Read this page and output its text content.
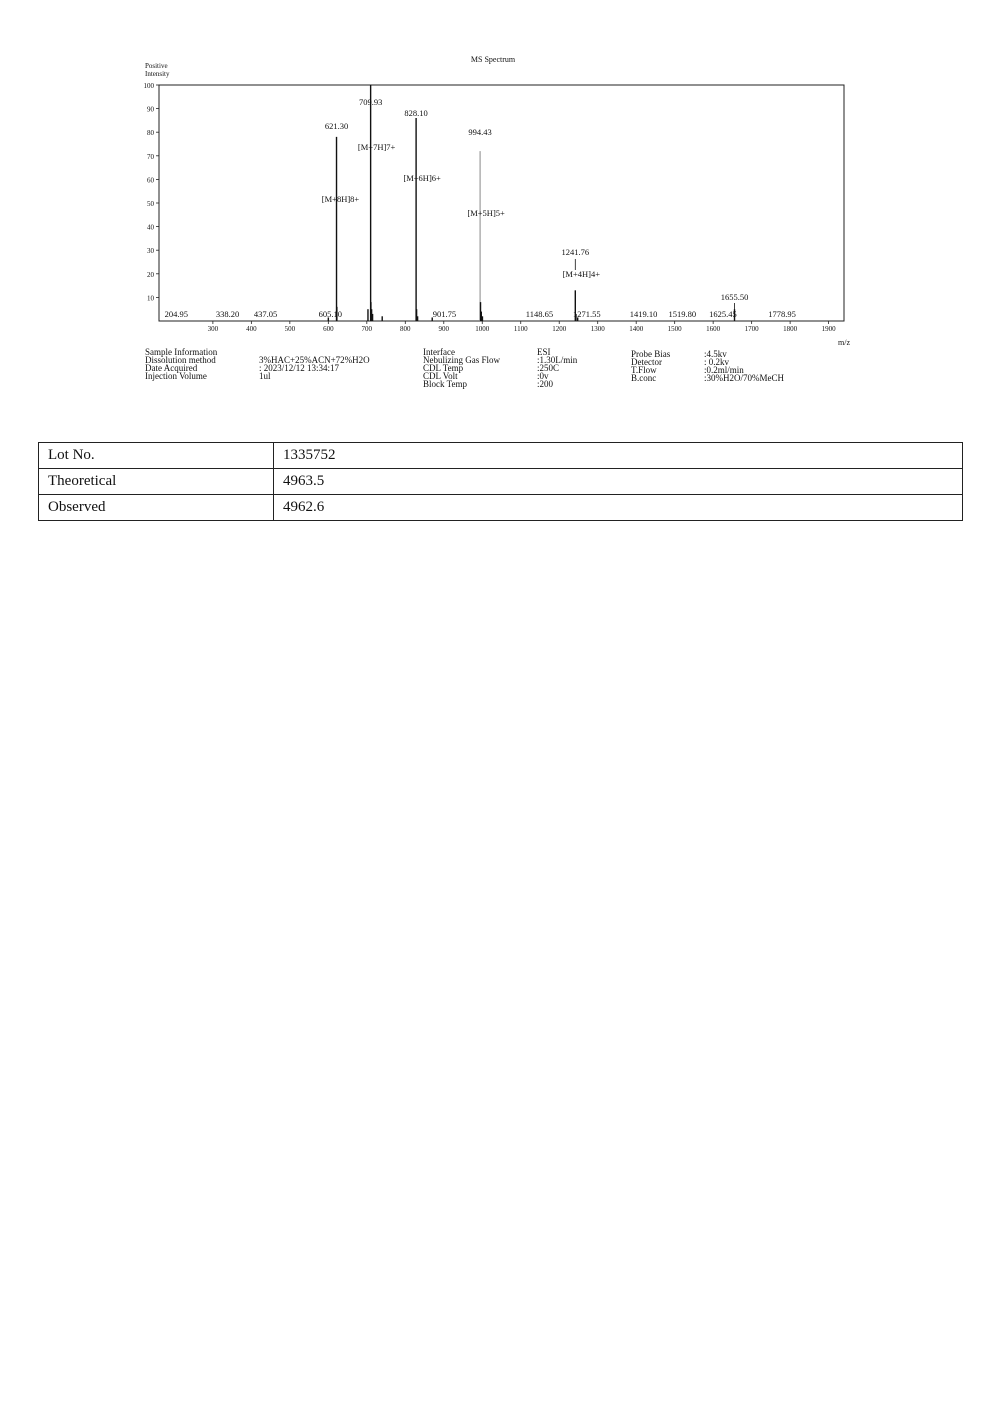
MS Spectrum
Positive Intensity
m/z
10
20
30
40
50
60
70
80
90
100
300	400	500	600	700	800	900	1000	1100	1200	1300	1400	1500	1600	1700	1800	1900
204.95	338.20 437.05	605.10	901.75	1148.65 1271.55	1419.10 1519.80 1625.45	1778.95
621.30
[M+8H]8+
709.93
[M+7H]7+
828.10
[M+6H]6+
994.43
[M+5H]5+
1241.76
[M+4H]4+
1655.50
Sample Information
Dissolution method	3%HAC+25%ACN+72%H2O
Date Acquired	: 2023/12/12 13:34:17
Injection Volume	1ul
Interface	ESI
Nebulizing Gas Flow	:1.30L/min
CDL Temp	:250C
CDL Volt	:0v
Block Temp	:200
Probe Bias	:4.5kv
Detector	: 0.2kv
T.Flow	:0.2ml/min
B.conc	:30%H2O/70%MeCH
Lot No.	1335752
Theoretical	4963.5
Observed	4962.6
